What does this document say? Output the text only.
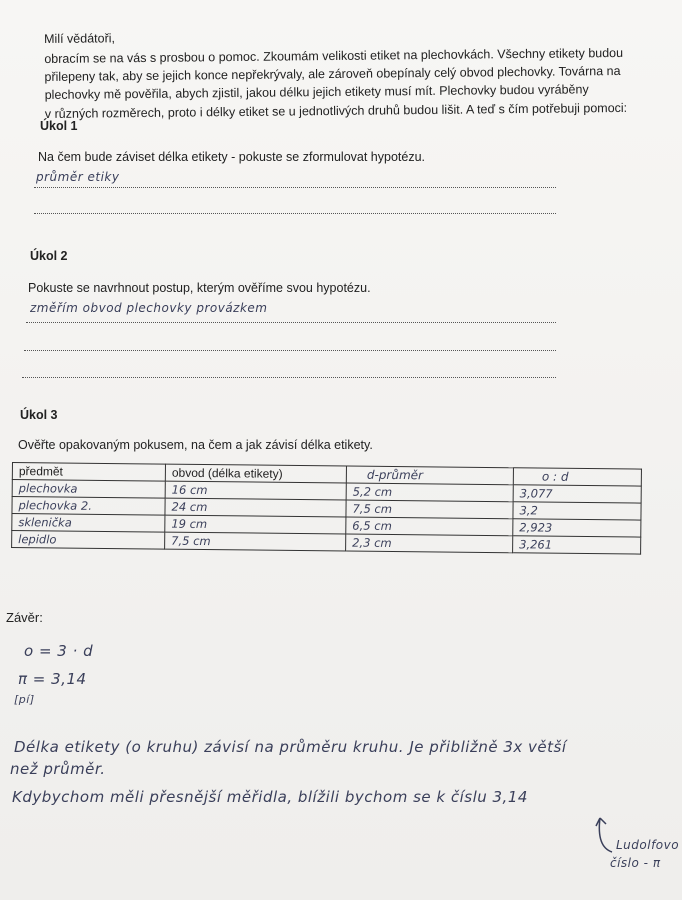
Milí vědátoři,

obracím se na vás s prosbou o pomoc. Zkoumám velikosti etiket na plechovkách. Všechny etikety budou

přilepeny tak, aby se jejich konce nepřekrývaly, ale zároveň obepínaly celý obvod plechovky. Továrna na

plechovky mě pověřila, abych zjistil, jakou délku jejich etikety musí mít. Plechovky budou vyráběny

v různých rozměrech, proto i délky etiket se u jednotlivých druhů budou lišit. A teď s čím potřebuji pomoci:

Úkol 1
Na čem bude záviset délka etikety - pokuste se zformulovat hypotézu.
průměr etiky
Úkol 2
Pokuste se navrhnout postup, kterým ověříme svou hypotézu.
změřím obvod plechovky provázkem
Úkol 3
Ověřte opakovaným pokusem, na čem a jak závisí délka etikety.
předmět	obvod (délka etikety)	d-průměr	o : d
plechovka	16 cm	5,2 cm	3,077
plechovka 2.	24 cm	7,5 cm	3,2
sklenička	19 cm	6,5 cm	2,923
lepidlo	7,5 cm	2,3 cm	3,261
Závěr:
o = 3 · d
π = 3,14
[pí]
Délka etikety (o kruhu) závisí na průměru kruhu. Je přibližně 3x větší
než průměr.
Kdybychom měli přesnější měřidla, blížili bychom se k číslu 3,14
Ludolfovo
číslo - π
